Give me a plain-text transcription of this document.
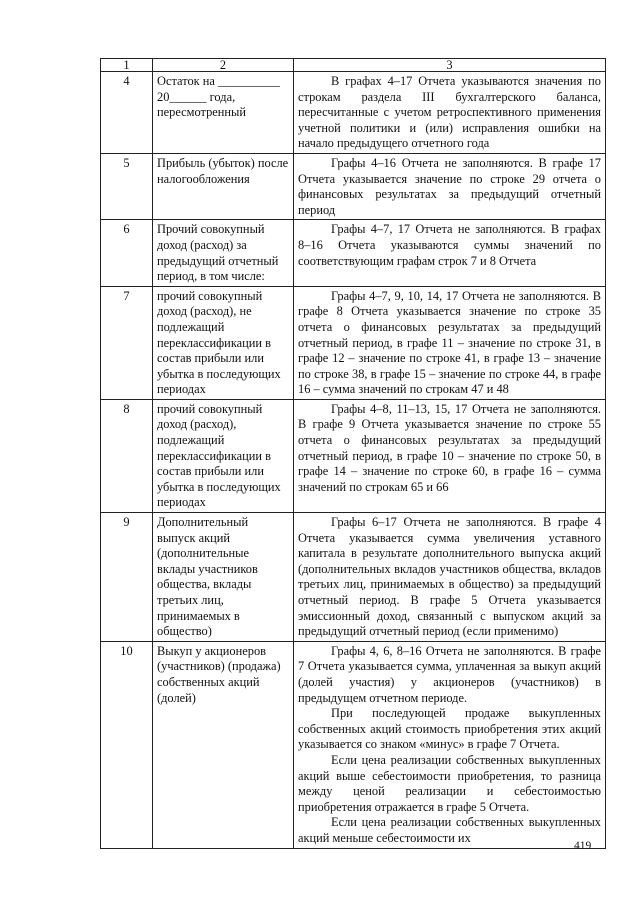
1	2	3
4	Остаток на __________ 20______ года, пересмотренный	В графах 4–17 Отчета указываются значения по строкам раздела III бухгалтерского баланса, пересчитанные с учетом ретроспективного применения учетной политики и (или) исправления ошибки на начало предыдущего отчетного года

5	Прибыль (убыток) после налогообложения	Графы 4–16 Отчета не заполняются. В графе 17 Отчета указывается значение по строке 29 отчета о финансовых результатах за предыдущий отчетный период

6	Прочий совокупный доход (расход) за предыдущий отчетный период, в том числе:	Графы 4–7, 17 Отчета не заполняются. В графах 8–16 Отчета указываются суммы значений по соответствующим графам строк 7 и 8 Отчета

7	прочий совокупный доход (расход), не подлежащий переклассификации в состав прибыли или убытка в последующих периодах	Графы 4–7, 9, 10, 14, 17 Отчета не заполняются. В графе 8 Отчета указывается значение по строке 35 отчета о финансовых результатах за предыдущий отчетный период, в графе 11 – значение по строке 31, в графе 12 – значение по строке 41, в графе 13 – значение по строке 38, в графе 15 – значение по строке 44, в графе 16 – сумма значений по строкам 47 и 48

8	прочий совокупный доход (расход), подлежащий переклассификации в состав прибыли или убытка в последующих периодах	Графы 4–8, 11–13, 15, 17 Отчета не заполняются. В графе 9 Отчета указывается значение по строке 55 отчета о финансовых результатах за предыдущий отчетный период, в графе 10 – значение по строке 50, в графе 14 – значение по строке 60, в графе 16 – сумма значений по строкам 65 и 66

9	Дополнительный выпуск акций (дополнительные вклады участников общества, вклады третьих лиц, принимаемых в общество)	Графы 6–17 Отчета не заполняются. В графе 4 Отчета указывается сумма увеличения уставного капитала в результате дополнительного выпуска акций (дополнительных вкладов участников общества, вкладов третьих лиц, принимаемых в общество) за предыдущий отчетный период. В графе 5 Отчета указывается эмиссионный доход, связанный с выпуском акций за предыдущий отчетный период (если применимо)

10	Выкуп у акционеров (участников) (продажа) собственных акций (долей)	Графы 4, 6, 8–16 Отчета не заполняются. В графе 7 Отчета указывается сумма, уплаченная за выкуп акций (долей участия) у акционеров (участников) в предыдущем отчетном периоде.

При последующей продаже выкупленных собственных акций стоимость приобретения этих акций указывается со знаком «минус» в графе 7 Отчета.

Если цена реализации собственных выкупленных акций выше себестоимости приобретения, то разница между ценой реализации и себестоимостью приобретения отражается в графе 5 Отчета.

Если цена реализации собственных выкупленных акций меньше себестоимости их

419
